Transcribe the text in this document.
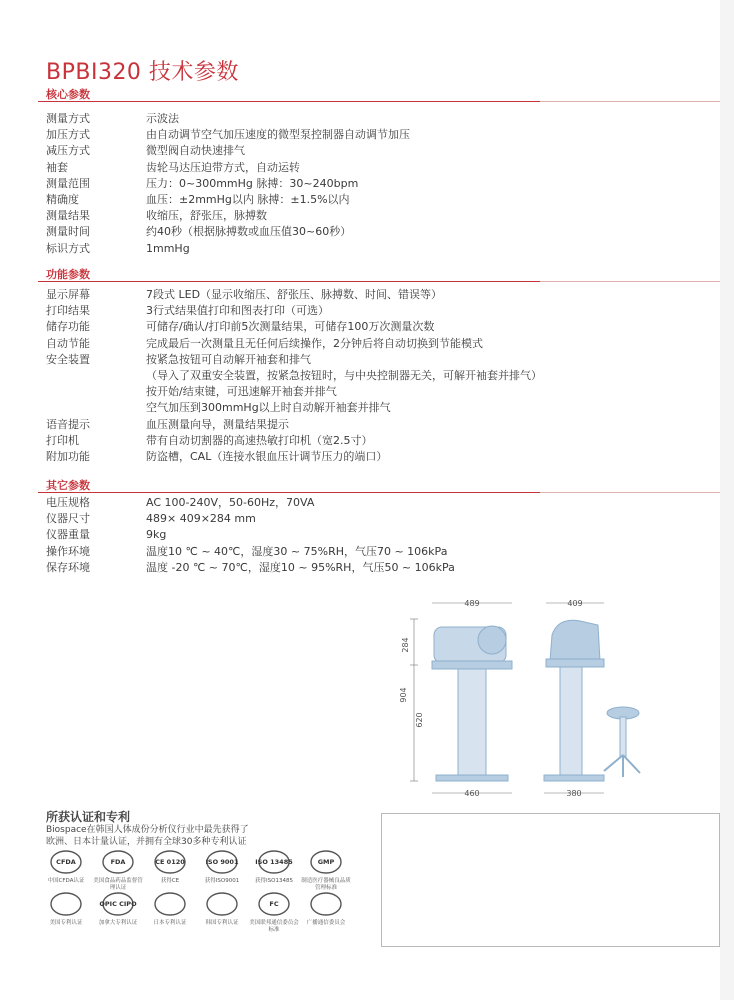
BPBI320 技术参数
核心参数
测量方式	示波法
加压方式	由自动调节空气加压速度的微型泵控制器自动调节加压
减压方式	微型阀自动快速排气
袖套	齿轮马达压迫带方式，自动运转
测量范围	压力：0~300mmHg 脉搏：30~240bpm
精确度	血压：±2mmHg以内 脉搏：±1.5%以内
测量结果	收缩压，舒张压，脉搏数
测量时间	约40秒（根据脉搏数或血压值30~60秒）
标识方式	1mmHg
功能参数
显示屏幕	7段式 LED（显示收缩压、舒张压、脉搏数、时间、错误等）
打印结果	3行式结果值打印和图表打印（可选）
储存功能	可储存/确认/打印前5次测量结果，可储存100万次测量次数
自动节能	完成最后一次测量且无任何后续操作，2分钟后将自动切换到节能模式
安全装置	按紧急按钮可自动解开袖套和排气
（导入了双重安全装置，按紧急按钮时，与中央控制器无关，可解开袖套并排气）
按开始/结束键，可迅速解开袖套并排气
空气加压到300mmHg以上时自动解开袖套并排气
语音提示	血压测量向导，测量结果提示
打印机	带有自动切割器的高速热敏打印机（宽2.5寸）
附加功能	防盗槽，CAL（连接水银血压计调节压力的端口）
其它参数
电压规格	AC 100-240V，50-60Hz，70VA
仪器尺寸	489× 409×284 mm
仪器重量	9kg
操作环境	温度10 ℃ ~ 40℃，湿度30 ~ 75%RH，气压70 ~ 106kPa
保存环境	温度 -20 ℃ ~ 70℃，湿度10 ~ 95%RH，气压50 ~ 106kPa
489	409
284
904
620
460	380
所获认证和专利
Biospace在韩国人体成份分析仪行业中最先获得了欧洲、日本计量认证，并拥有全球30多种专利认证
CFDA
中国CFDA认证
FDA
美国食品药品监督管理认证
CE 0120
获得CE
ISO 9001
获得ISO9001
ISO 13485
获得ISO13485
GMP
制造医疗器械良品质管理标准
美国专利认证
OPIC CIPO
加拿大专利认证	日本专利认证	韩国专利认证
FC
美国联邦通信委员会标准
广播通信委员会
